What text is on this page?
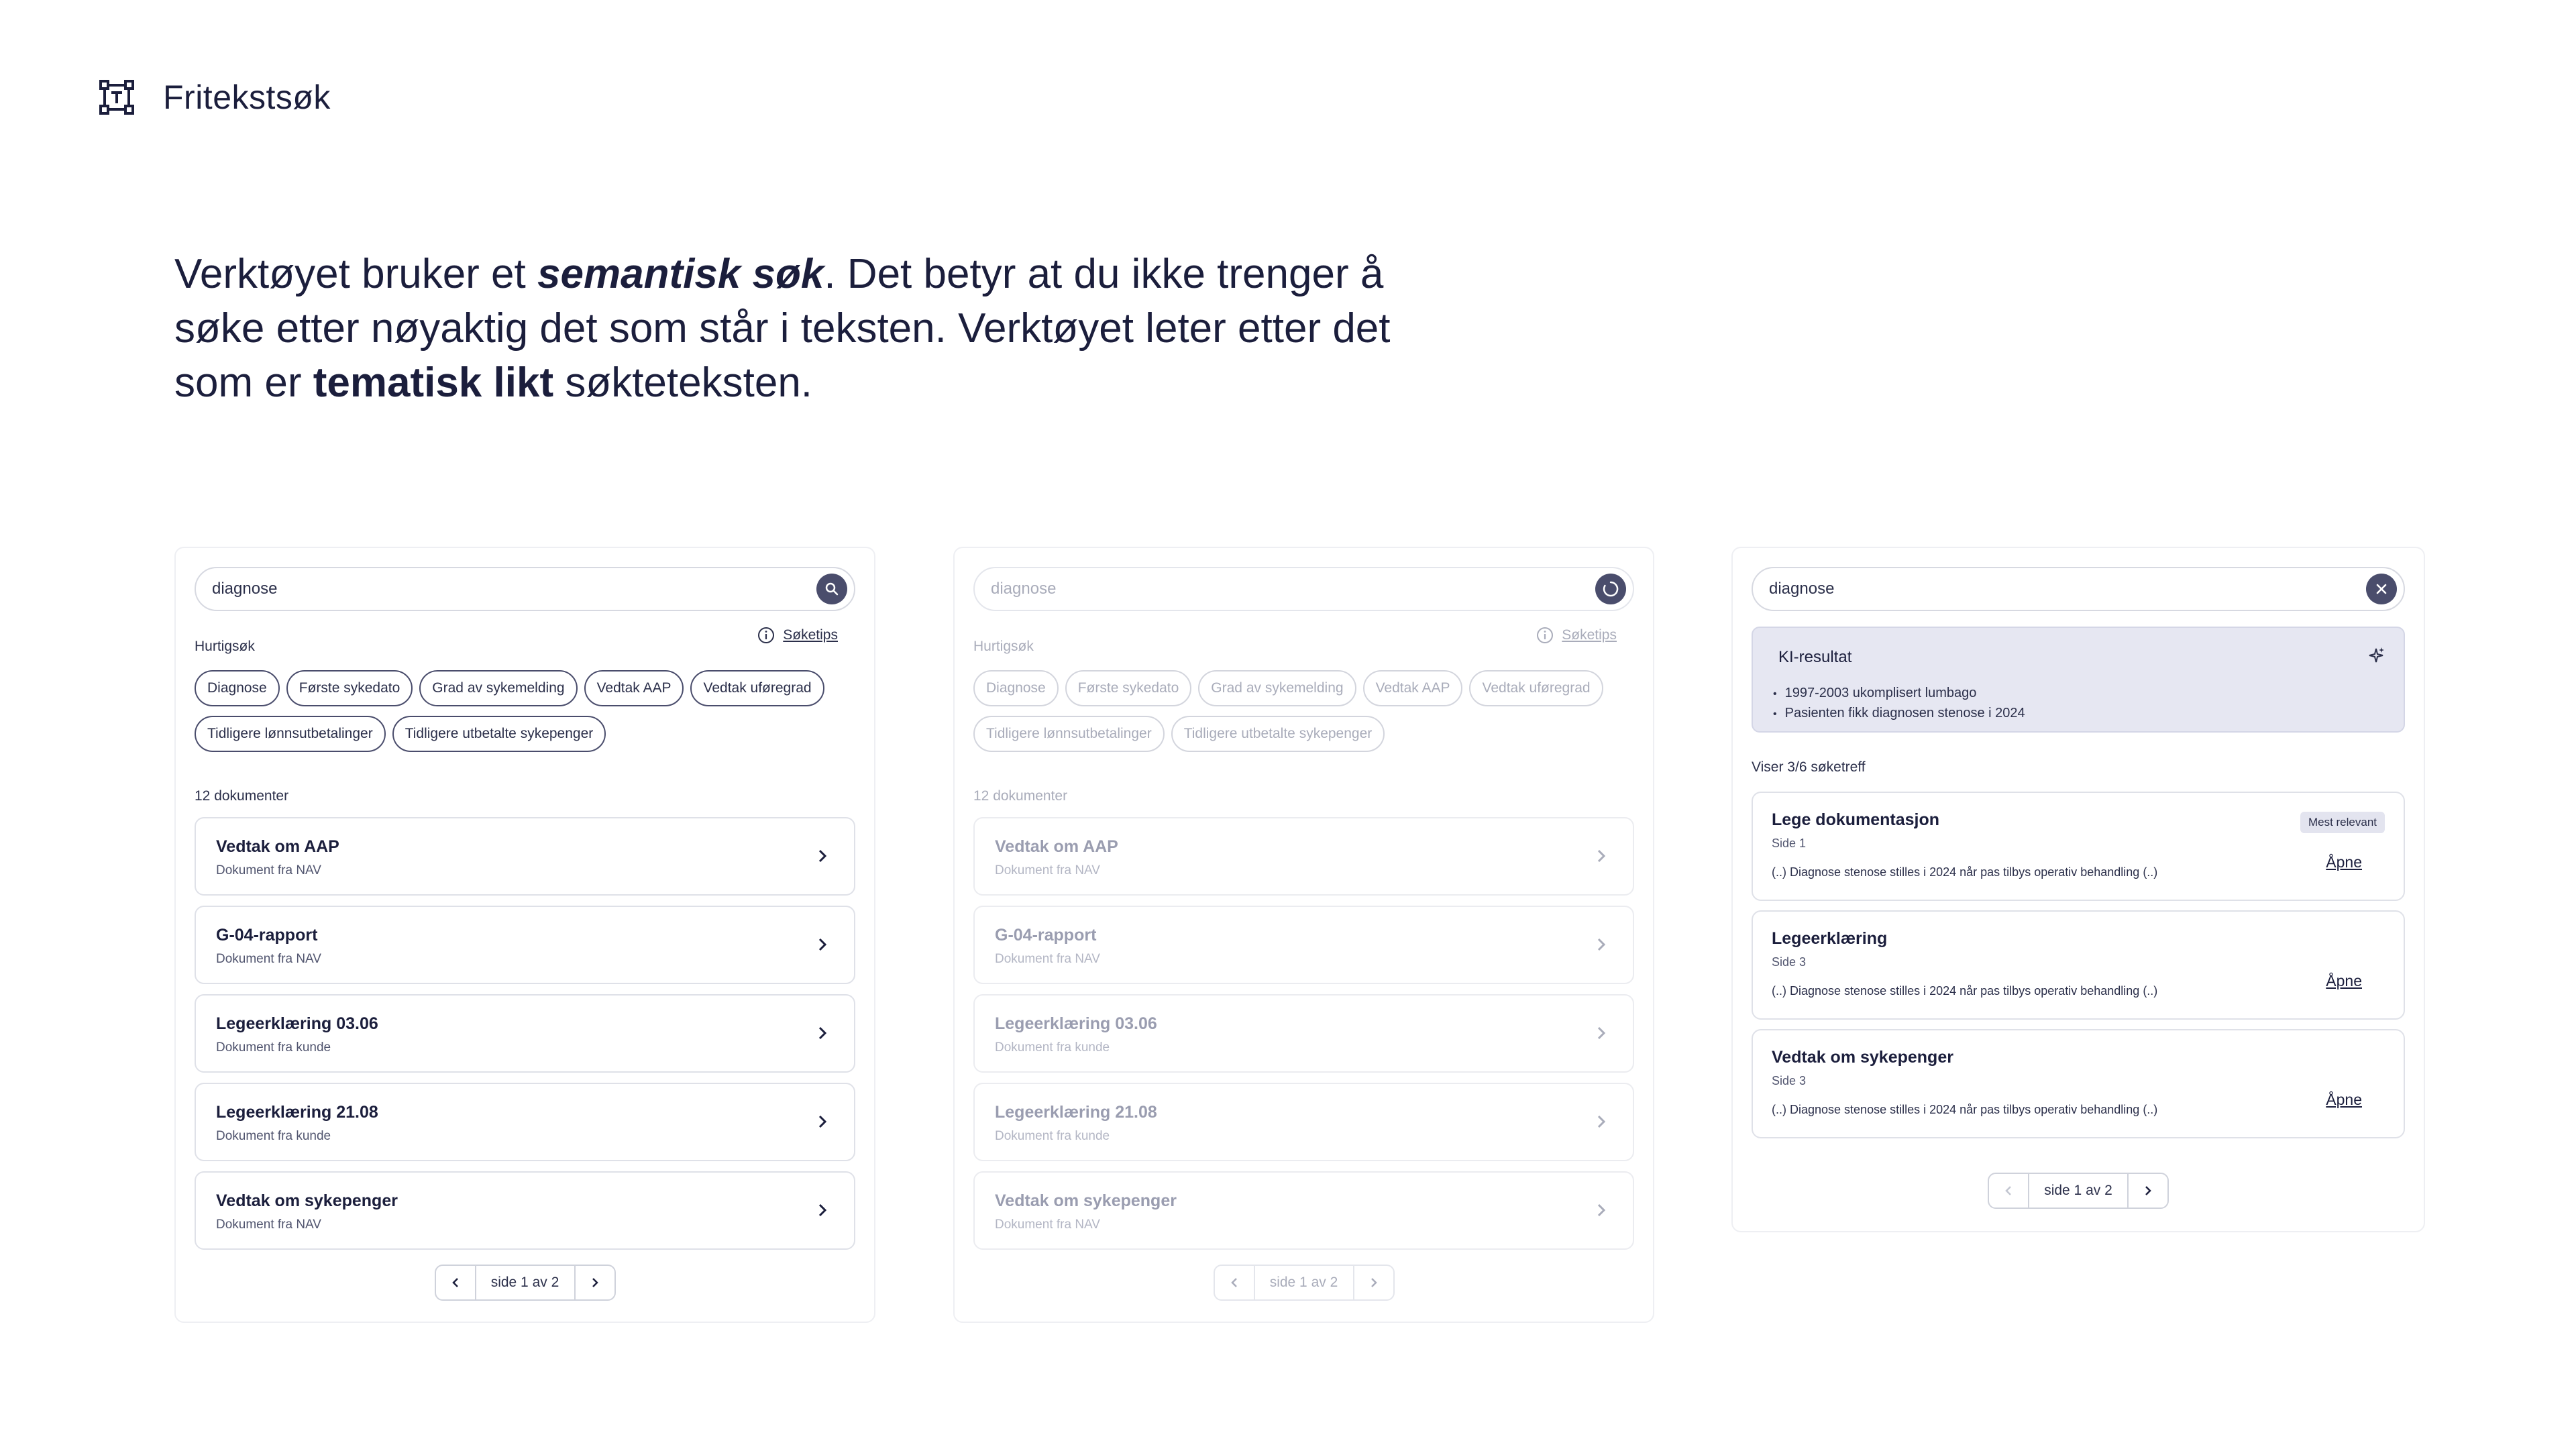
Fritekstsøk
Verktøyet bruker et semantisk søk. Det betyr at du ikke trenger å søke etter nøyaktig det som står i teksten. Verktøyet leter etter det som er tematisk likt søkteteksten.
diagnose
Hurtigsøk
Søketips
Diagnose	Første sykedato	Grad av sykemelding	Vedtak AAP	Vedtak uføregrad
Tidligere lønnsutbetalinger	Tidligere utbetalte sykepenger
12 dokumenter
Vedtak om AAP
Dokument fra NAV
G-04-rapport
Dokument fra NAV
Legeerklæring 03.06
Dokument fra kunde
Legeerklæring 21.08
Dokument fra kunde
Vedtak om sykepenger
Dokument fra NAV
side 1 av 2
diagnose
Hurtigsøk
Søketips
Diagnose	Første sykedato	Grad av sykemelding	Vedtak AAP	Vedtak uføregrad
Tidligere lønnsutbetalinger	Tidligere utbetalte sykepenger
12 dokumenter
Vedtak om AAP
Dokument fra NAV
G-04-rapport
Dokument fra NAV
Legeerklæring 03.06
Dokument fra kunde
Legeerklæring 21.08
Dokument fra kunde
Vedtak om sykepenger
Dokument fra NAV
side 1 av 2
diagnose
KI-resultat
• 1997-2003 ukomplisert lumbago
• Pasienten fikk diagnosen stenose i 2024
Viser 3/6 søketreff
Lege dokumentasjon
Side 1
(..) Diagnose stenose stilles i 2024 når pas tilbys operativ behandling (..)
Mest relevant
Åpne
Legeerklæring
Side 3
(..) Diagnose stenose stilles i 2024 når pas tilbys operativ behandling (..)
Åpne
Vedtak om sykepenger
Side 3
(..) Diagnose stenose stilles i 2024 når pas tilbys operativ behandling (..)
Åpne
side 1 av 2
